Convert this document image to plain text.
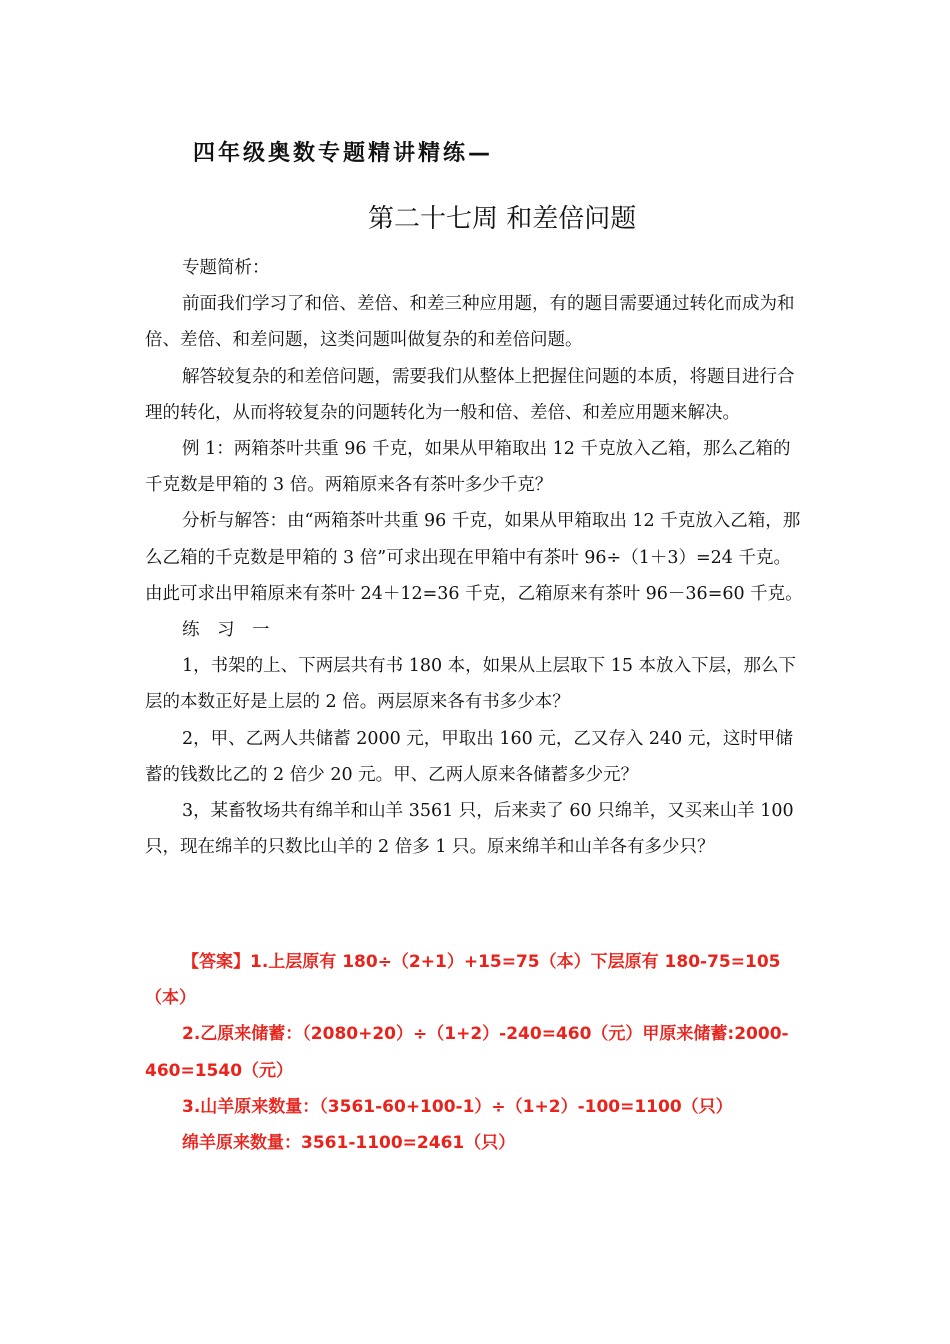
四年级奥数专题精讲精练—
第二十七周 和差倍问题

专题简析：

前面我们学习了和倍、差倍、和差三种应用题，有的题目需要通过转化而成为和倍、差倍、和差问题，这类问题叫做复杂的和差倍问题。

解答较复杂的和差倍问题，需要我们从整体上把握住问题的本质，将题目进行合理的转化，从而将较复杂的问题转化为一般和倍、差倍、和差应用题来解决。

例 1：两箱茶叶共重 96 千克，如果从甲箱取出 12 千克放入乙箱，那么乙箱的千克数是甲箱的 3 倍。两箱原来各有茶叶多少千克？

分析与解答：由“两箱茶叶共重 96 千克，如果从甲箱取出 12 千克放入乙箱，那么乙箱的千克数是甲箱的 3 倍”可求出现在甲箱中有茶叶 96÷（1＋3）=24 千克。由此可求出甲箱原来有茶叶 24＋12=36 千克，乙箱原来有茶叶 96－36=60 千克。

练　习　一

1，书架的上、下两层共有书 180 本，如果从上层取下 15 本放入下层，那么下层的本数正好是上层的 2 倍。两层原来各有书多少本？

2，甲、乙两人共储蓄 2000 元，甲取出 160 元，乙又存入 240 元，这时甲储蓄的钱数比乙的 2 倍少 20 元。甲、乙两人原来各储蓄多少元？

3，某畜牧场共有绵羊和山羊 3561 只，后来卖了 60 只绵羊，又买来山羊 100 只，现在绵羊的只数比山羊的 2 倍多 1 只。原来绵羊和山羊各有多少只？

【答案】1.上层原有 180÷（2+1）+15=75（本）下层原有 180-75=105（本）

2.乙原来储蓄：（2080+20）÷（1+2）-240=460（元）甲原来储蓄:2000-460=1540（元）

3.山羊原来数量：（3561-60+100-1）÷（1+2）-100=1100（只）

绵羊原来数量：3561-1100=2461（只）
